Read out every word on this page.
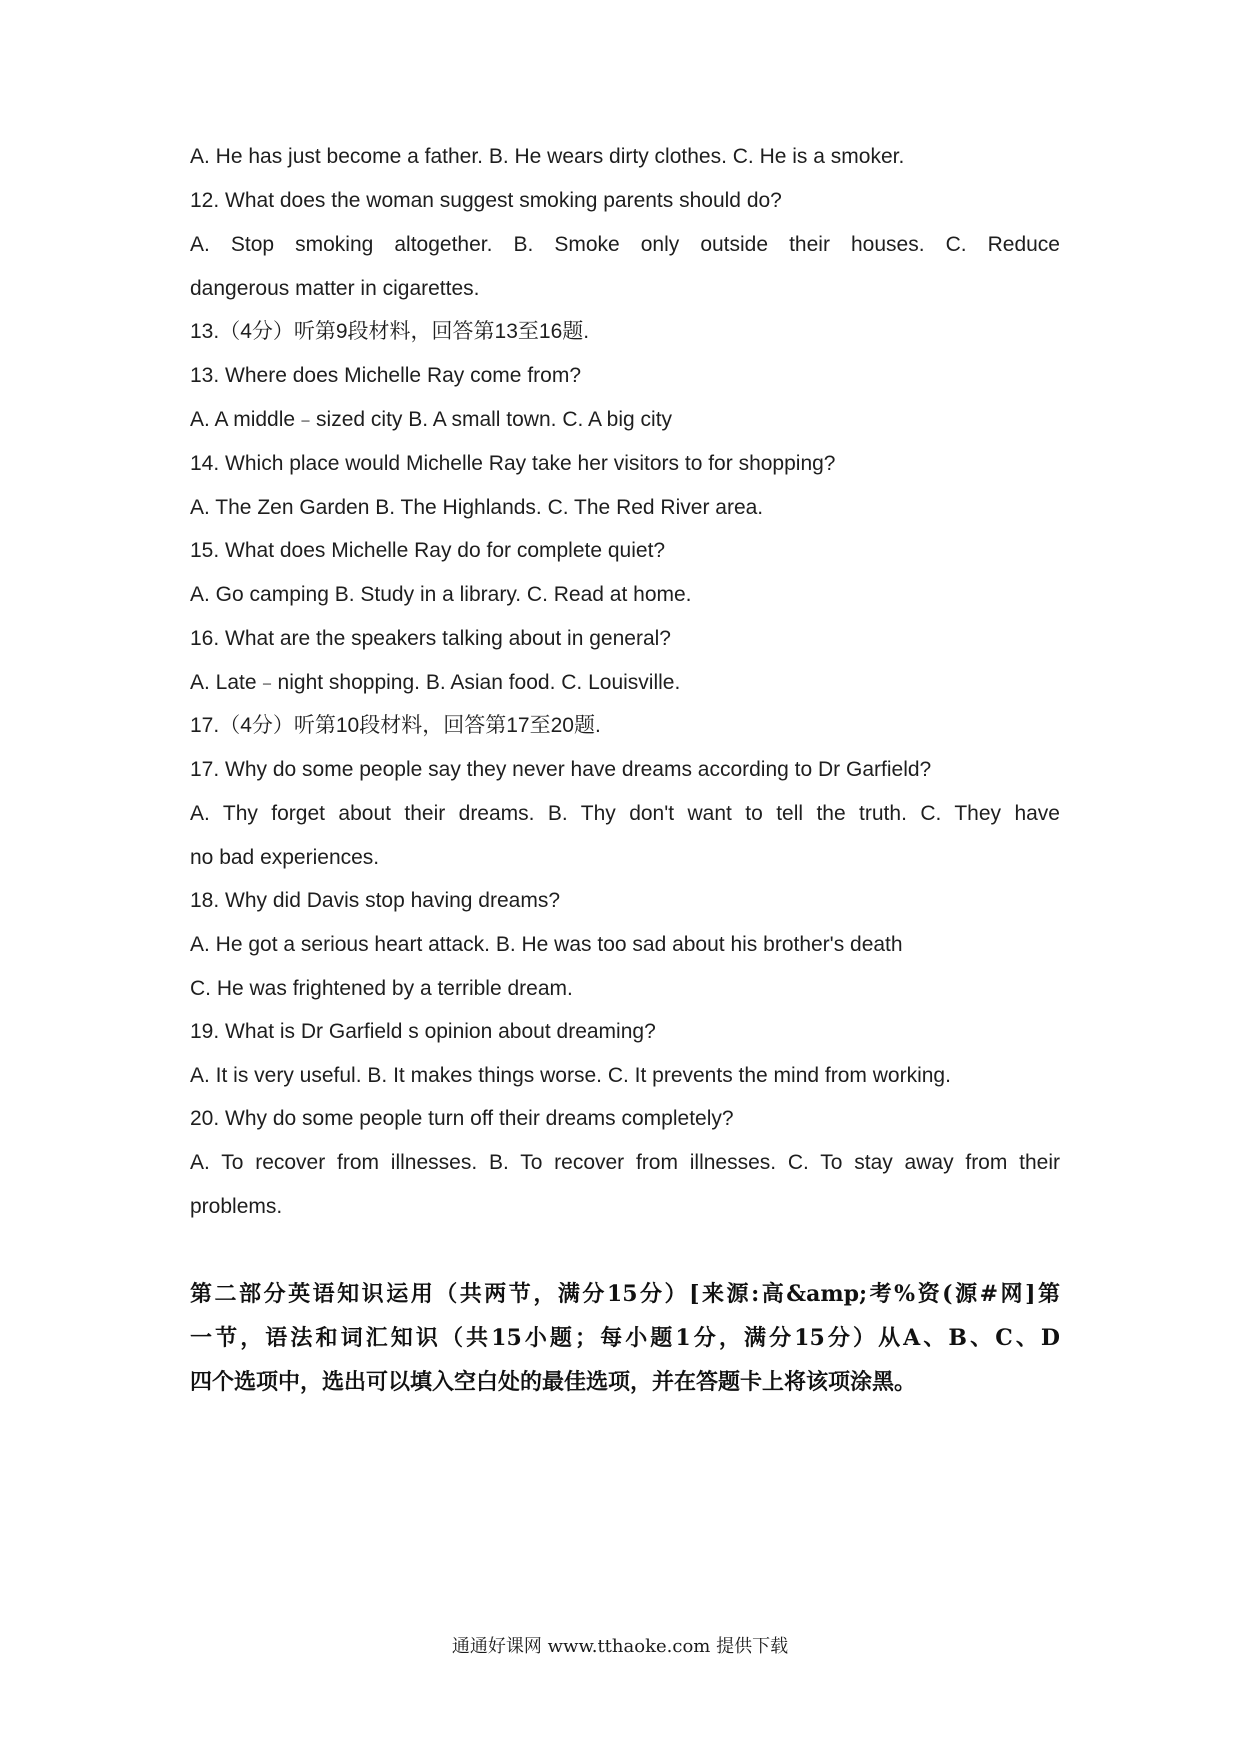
A. He has just become a father. B. He wears dirty clothes. C. He is a smoker.
12. What does the woman suggest smoking parents should do?
A. Stop smoking altogether. B. Smoke only outside their houses. C. Reduce
dangerous matter in cigarettes.
13.（4分）听第9段材料，回答第13至16题.
13. Where does Michelle Ray come from?
A. A middle﹣sized city B. A small town. C. A big city
14. Which place would Michelle Ray take her visitors to for shopping?
A. The Zen Garden B. The Highlands. C. The Red River area.
15. What does Michelle Ray do for complete quiet?
A. Go camping B. Study in a library. C. Read at home.
16. What are the speakers talking about in general?
A. Late﹣night shopping. B. Asian food. C. Louisville.
17.（4分）听第10段材料，回答第17至20题.
17. Why do some people say they never have dreams according to Dr Garfield?
A. Thy forget about their dreams. B. Thy don't want to tell the truth. C. They have
no bad experiences.
18. Why did Davis stop having dreams?
A. He got a serious heart attack. B. He was too sad about his brother's death
C. He was frightened by a terrible dream.
19. What is Dr Garfield s opinion about dreaming?
A. It is very useful. B. It makes things worse. C. It prevents the mind from working.
20. Why do some people turn off their dreams completely?
A. To recover from illnesses. B. To recover from illnesses. C. To stay away from their
problems.
第二部分英语知识运用（共两节，满分15分）[来源:高&amp;考%资(源#网]第
一节，语法和词汇知识（共15小题；每小题1分，满分15分）从A、B、C、D
四个选项中，选出可以填入空白处的最佳选项，并在答题卡上将该项涂黑。
通通好课网 www.tthaoke.com 提供下载
